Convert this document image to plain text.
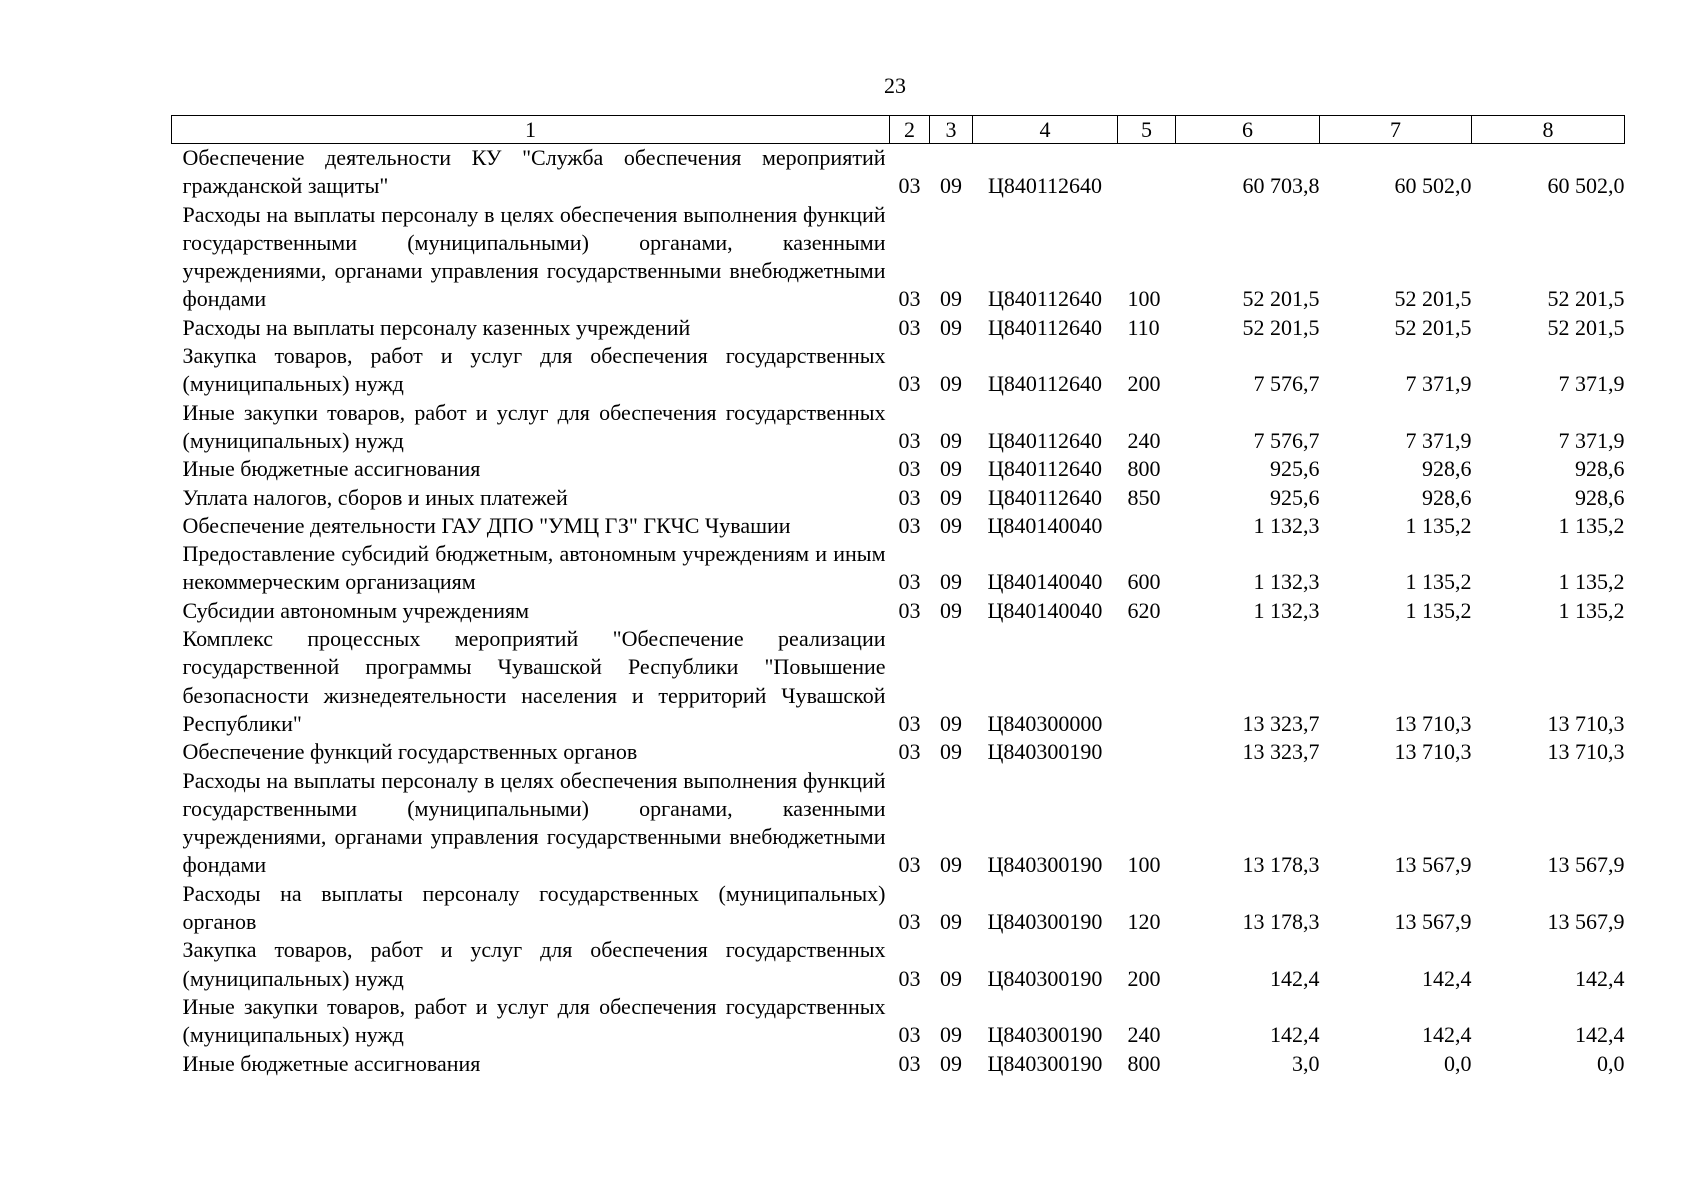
23
1	2	3	4	5	6	7	8
Обеспечение деятельности КУ "Служба обеспечения мероприятий гражданской защиты"	03	09	Ц840112640		60 703,8	60 502,0	60 502,0
Расходы на выплаты персоналу в целях обеспечения выполнения функций государственными (муниципальными) органами, казенными учреждениями, органами управления государственными внебюджетными фондами	03	09	Ц840112640	100	52 201,5	52 201,5	52 201,5
Расходы на выплаты персоналу казенных учреждений	03	09	Ц840112640	110	52 201,5	52 201,5	52 201,5
Закупка товаров, работ и услуг для обеспечения государственных (муниципальных) нужд	03	09	Ц840112640	200	7 576,7	7 371,9	7 371,9
Иные закупки товаров, работ и услуг для обеспечения государственных (муниципальных) нужд	03	09	Ц840112640	240	7 576,7	7 371,9	7 371,9
Иные бюджетные ассигнования	03	09	Ц840112640	800	925,6	928,6	928,6
Уплата налогов, сборов и иных платежей	03	09	Ц840112640	850	925,6	928,6	928,6
Обеспечение деятельности ГАУ ДПО "УМЦ ГЗ" ГКЧС Чувашии	03	09	Ц840140040		1 132,3	1 135,2	1 135,2
Предоставление субсидий бюджетным, автономным учреждениям и иным некоммерческим организациям	03	09	Ц840140040	600	1 132,3	1 135,2	1 135,2
Субсидии автономным учреждениям	03	09	Ц840140040	620	1 132,3	1 135,2	1 135,2
Комплекс процессных мероприятий "Обеспечение реализации государственной программы Чувашской Республики "Повышение безопасности жизнедеятельности населения и территорий Чувашской Республики"	03	09	Ц840300000		13 323,7	13 710,3	13 710,3
Обеспечение функций государственных органов	03	09	Ц840300190		13 323,7	13 710,3	13 710,3
Расходы на выплаты персоналу в целях обеспечения выполнения функций государственными (муниципальными) органами, казенными учреждениями, органами управления государственными внебюджетными фондами	03	09	Ц840300190	100	13 178,3	13 567,9	13 567,9
Расходы на выплаты персоналу государственных (муниципальных) органов	03	09	Ц840300190	120	13 178,3	13 567,9	13 567,9
Закупка товаров, работ и услуг для обеспечения государственных (муниципальных) нужд	03	09	Ц840300190	200	142,4	142,4	142,4
Иные закупки товаров, работ и услуг для обеспечения государственных (муниципальных) нужд	03	09	Ц840300190	240	142,4	142,4	142,4
Иные бюджетные ассигнования	03	09	Ц840300190	800	3,0	0,0	0,0
